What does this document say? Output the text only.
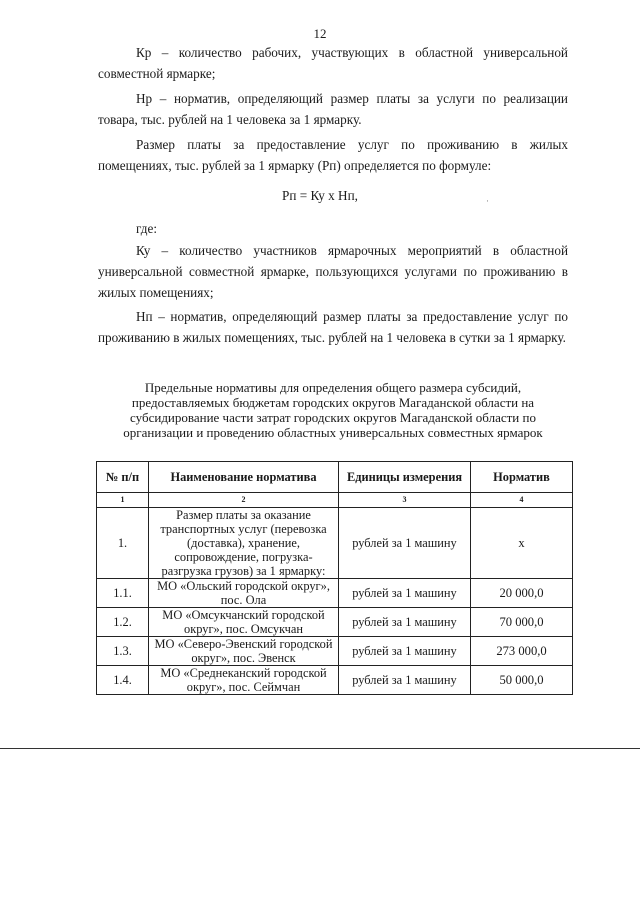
12

Кр – количество рабочих, участвующих в областной универсальной совместной ярмарке;

Нр – норматив, определяющий размер платы за услуги по реализации товара, тыс. рублей на 1 человека за 1 ярмарку.

Размер платы за предоставление услуг по проживанию в жилых помещениях, тыс. рублей за 1 ярмарку (Рп) определяется по формуле:

Рп = Ку х Нп,	·

где:

Ку – количество участников ярмарочных мероприятий в областной универсальной совместной ярмарке, пользующихся услугами по проживанию в жилых помещениях;

Нп – норматив, определяющий размер платы за предоставление услуг по проживанию в жилых помещениях, тыс. рублей на 1 человека в сутки за 1 ярмарку.

Предельные нормативы для определения общего размера субсидий, предоставляемых бюджетам городских округов Магаданской области на субсидирование части затрат городских округов Магаданской области по организации и проведению областных универсальных совместных ярмарок

№ п/п	Наименование норматива	Единицы измерения	Норматив
1	2	3	4
1.	Размер платы за оказание транспортных услуг (перевозка (доставка), хранение, сопровождение, погрузка-разгрузка грузов) за 1 ярмарку:	рублей за 1 машину	х
1.1.	МО «Ольский городской округ», пос. Ола	рублей за 1 машину	20 000,0
1.2.	МО «Омсукчанский городской округ», пос. Омсукчан	рублей за 1 машину	70 000,0
1.3.	МО «Северо-Эвенский городской округ», пос. Эвенск	рублей за 1 машину	273 000,0
1.4.	МО «Среднеканский городской округ», пос. Сеймчан	рублей за 1 машину	50 000,0
